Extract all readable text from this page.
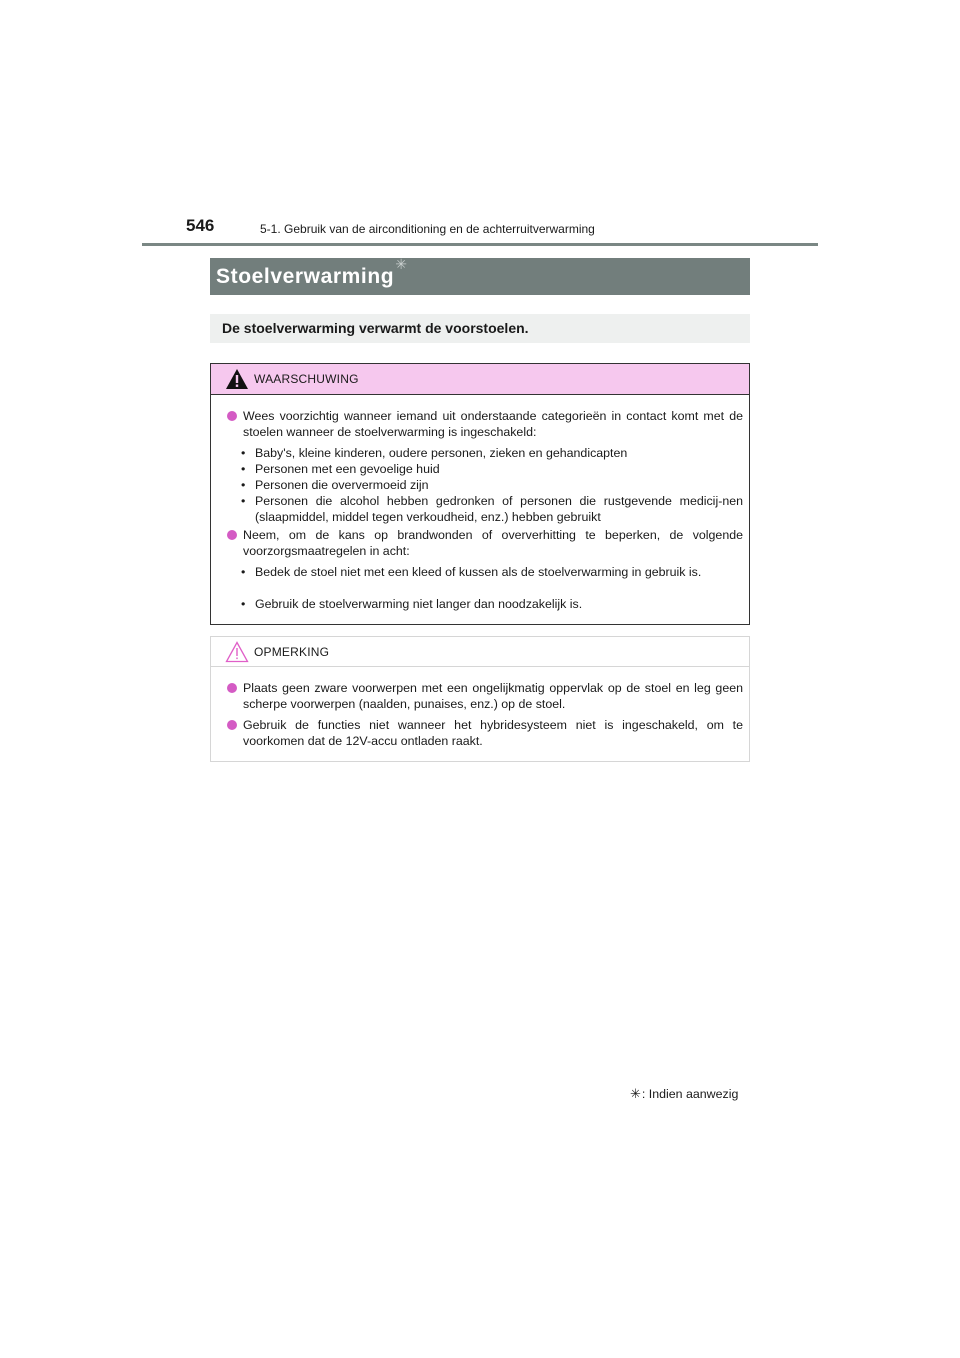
546	5-1. Gebruik van de airconditioning en de achterruitverwarming
Stoelverwarming✳
De stoelverwarming verwarmt de voorstoelen.
WAARSCHUWING
Wees voorzichtig wanneer iemand uit onderstaande categorieën in contact komt met de stoelen wanneer de stoelverwarming is ingeschakeld:
• Baby's, kleine kinderen, oudere personen, zieken en gehandicapten
• Personen met een gevoelige huid
• Personen die oververmoeid zijn
• Personen die alcohol hebben gedronken of personen die rustgevende medicij-nen (slaapmiddel, middel tegen verkoudheid, enz.) hebben gebruikt
Neem, om de kans op brandwonden of oververhitting te beperken, de volgende voorzorgsmaatregelen in acht:
• Bedek de stoel niet met een kleed of kussen als de stoelverwarming in gebruik is.
• Gebruik de stoelverwarming niet langer dan noodzakelijk is.
OPMERKING
Plaats geen zware voorwerpen met een ongelijkmatig oppervlak op de stoel en leg geen scherpe voorwerpen (naalden, punaises, enz.) op de stoel.
Gebruik de functies niet wanneer het hybridesysteem niet is ingeschakeld, om te voorkomen dat de 12V-accu ontladen raakt.
✳: Indien aanwezig
